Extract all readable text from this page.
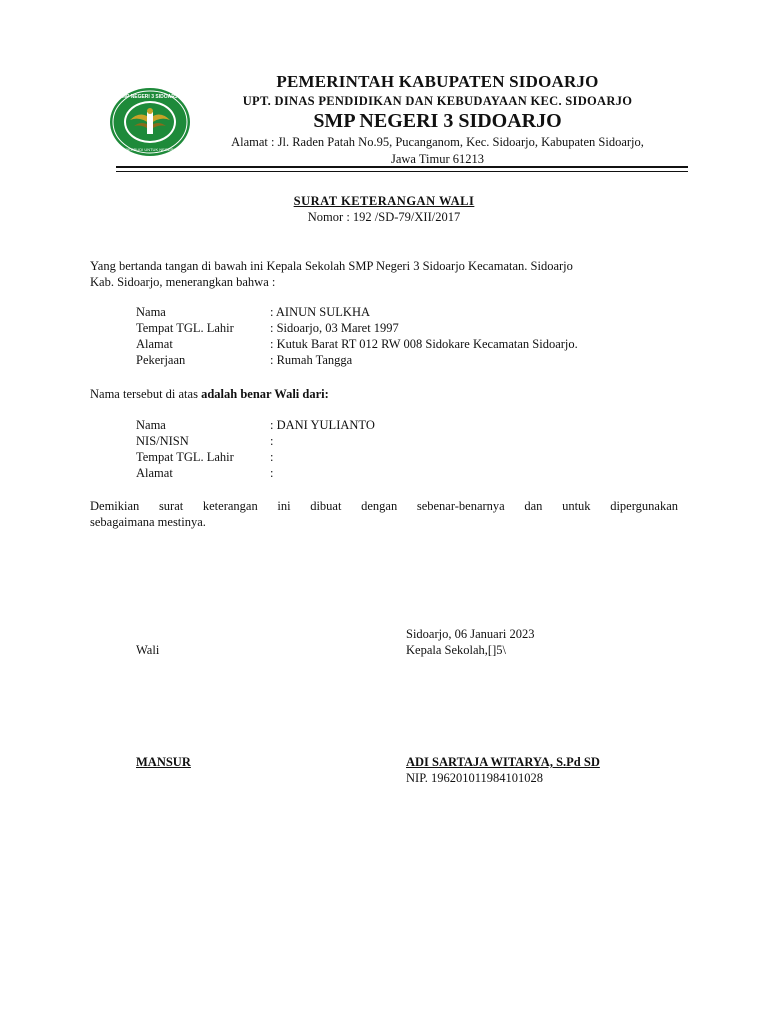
SMP NEGERI 3 SIDOARJO
BERBUDI UNTUK NEGERI
PEMERINTAH KABUPATEN SIDOARJO
UPT. DINAS PENDIDIKAN DAN KEBUDAYAAN KEC. SIDOARJO
SMP NEGERI 3 SIDOARJO
Alamat : Jl. Raden Patah No.95, Pucanganom, Kec. Sidoarjo, Kabupaten Sidoarjo,
Jawa Timur 61213
SURAT KETERANGAN WALI
Nomor : 192 /SD-79/XII/2017
Yang bertanda tangan di bawah ini Kepala Sekolah SMP Negeri 3 Sidoarjo Kecamatan. Sidoarjo
Kab. Sidoarjo, menerangkan bahwa :
Nama	: AINUN SULKHA
Tempat TGL. Lahir	: Sidoarjo, 03 Maret 1997
Alamat	: Kutuk Barat RT 012 RW 008 Sidokare Kecamatan Sidoarjo.
Pekerjaan	: Rumah Tangga
Nama tersebut di atas adalah benar Wali dari:
Nama	: DANI YULIANTO
NIS/NISN	:
Tempat TGL. Lahir	:
Alamat	:
Demikian surat keterangan ini dibuat dengan sebenar-benarnya dan untuk dipergunakan
sebagaimana mestinya.
Sidoarjo, 06 Januari 2023
Wali	Kepala Sekolah,[]5\
MANSUR	ADI SARTAJA WITARYA, S.Pd SD
NIP. 196201011984101028
